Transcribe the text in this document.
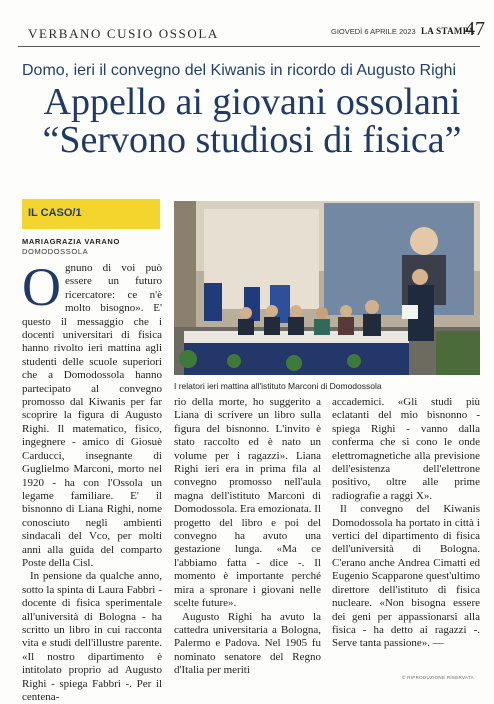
VERBANO CUSIO OSSOLA	GIOVEDÌ 6 APRILE 2023 LA STAMPA
47
Domo, ieri il convegno del Kiwanis in ricordo di Augusto Righi
Appello ai giovani ossolani
“Servono studiosi di fisica”
IL CASO/1
MARIAGRAZIA VARANO
DOMODOSSOLA
O gnuno di voi può essere un futuro ricercatore: ce n'è molto bisogno». E' questo il messaggio che i docenti universitari di fisica hanno rivolto ieri mattina agli studenti delle scuole superiori che a Domodossola hanno partecipato al convegno promosso dal Kiwanis per far scoprire la figura di Augusto Righi. Il matematico, fisico, ingegnere - amico di Giosuè Carducci, insegnante di Guglielmo Marconi, morto nel 1920 - ha con l'Ossola un legame familiare. E' il bisnonno di Liana Righi, nome conosciuto negli ambienti sindacali del Vco, per molti anni alla guida del comparto Poste della Cisl.

In pensione da qualche anno, sotto la spinta di Laura Fabbri - docente di fisica sperimentale all'università di Bologna - ha scritto un libro in cui racconta vita e studi dell'illustre parente. «Il nostro dipartimento è intitolato proprio ad Augusto Righi - spiega Fabbri -. Per il centena-

I relatori ieri mattina all'istituto Marconi di Domodossola

rio della morte, ho suggerito a Liana di scrivere un libro sulla figura del bisnonno. L'invito è stato raccolto ed è nato un volume per i ragazzi». Liana Righi ieri era in prima fila al convegno promosso nell'aula magna dell'istituto Marconi di Domodossola. Era emozionata. Il progetto del libro e poi del convegno ha avuto una gestazione lunga. «Ma ce l'abbiamo fatta - dice -. Il momento è importante perché mira a spronare i giovani nelle scelte future».

Augusto Righi ha avuto la cattedra universitaria a Bologna, Palermo e Padova. Nel 1905 fu nominato senatore del Regno d'Italia per meriti

accademici. «Gli studi più eclatanti del mio bisnonno - spiega Righi - vanno dalla conferma che si cono le onde elettromagnetiche alla previsione dell'esistenza dell'elettrone positivo, oltre alle prime radiografie a raggi X».

Il convegno del Kiwanis Domodossola ha portato in città i vertici del dipartimento di fisica dell'università di Bologna. C'erano anche Andrea Cimatti ed Eugenio Scapparone quest'ultimo direttore dell'istituto di fisica nucleare. «Non bisogna essere dei geni per appassionarsi alla fisica - ha detto ai ragazzi -. Serve tanta passione». —

© RIPRODUZIONE RISERVATA
